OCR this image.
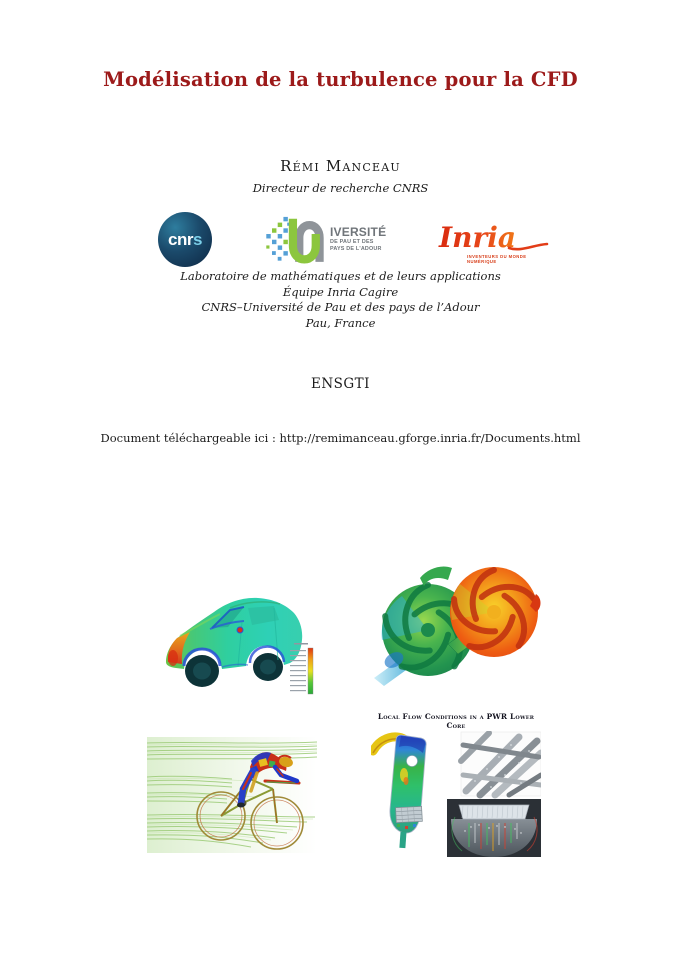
Modélisation de la turbulence pour la CFD
Rémi Manceau
Directeur de recherche CNRS
cnrs	IVERSITÉ
DE PAU ET DES
PAYS DE L'ADOUR Inria
INVENTEURS DU MONDE NUMÉRIQUE
Laboratoire de mathématiques et de leurs applications
Équipe Inria Cagire
CNRS–Université de Pau et des pays de l’Adour
Pau, France
ENSGTI
Document téléchargeable ici : http://remimanceau.gforge.inria.fr/Documents.html
Local Flow Conditions in a PWR Lower Core
